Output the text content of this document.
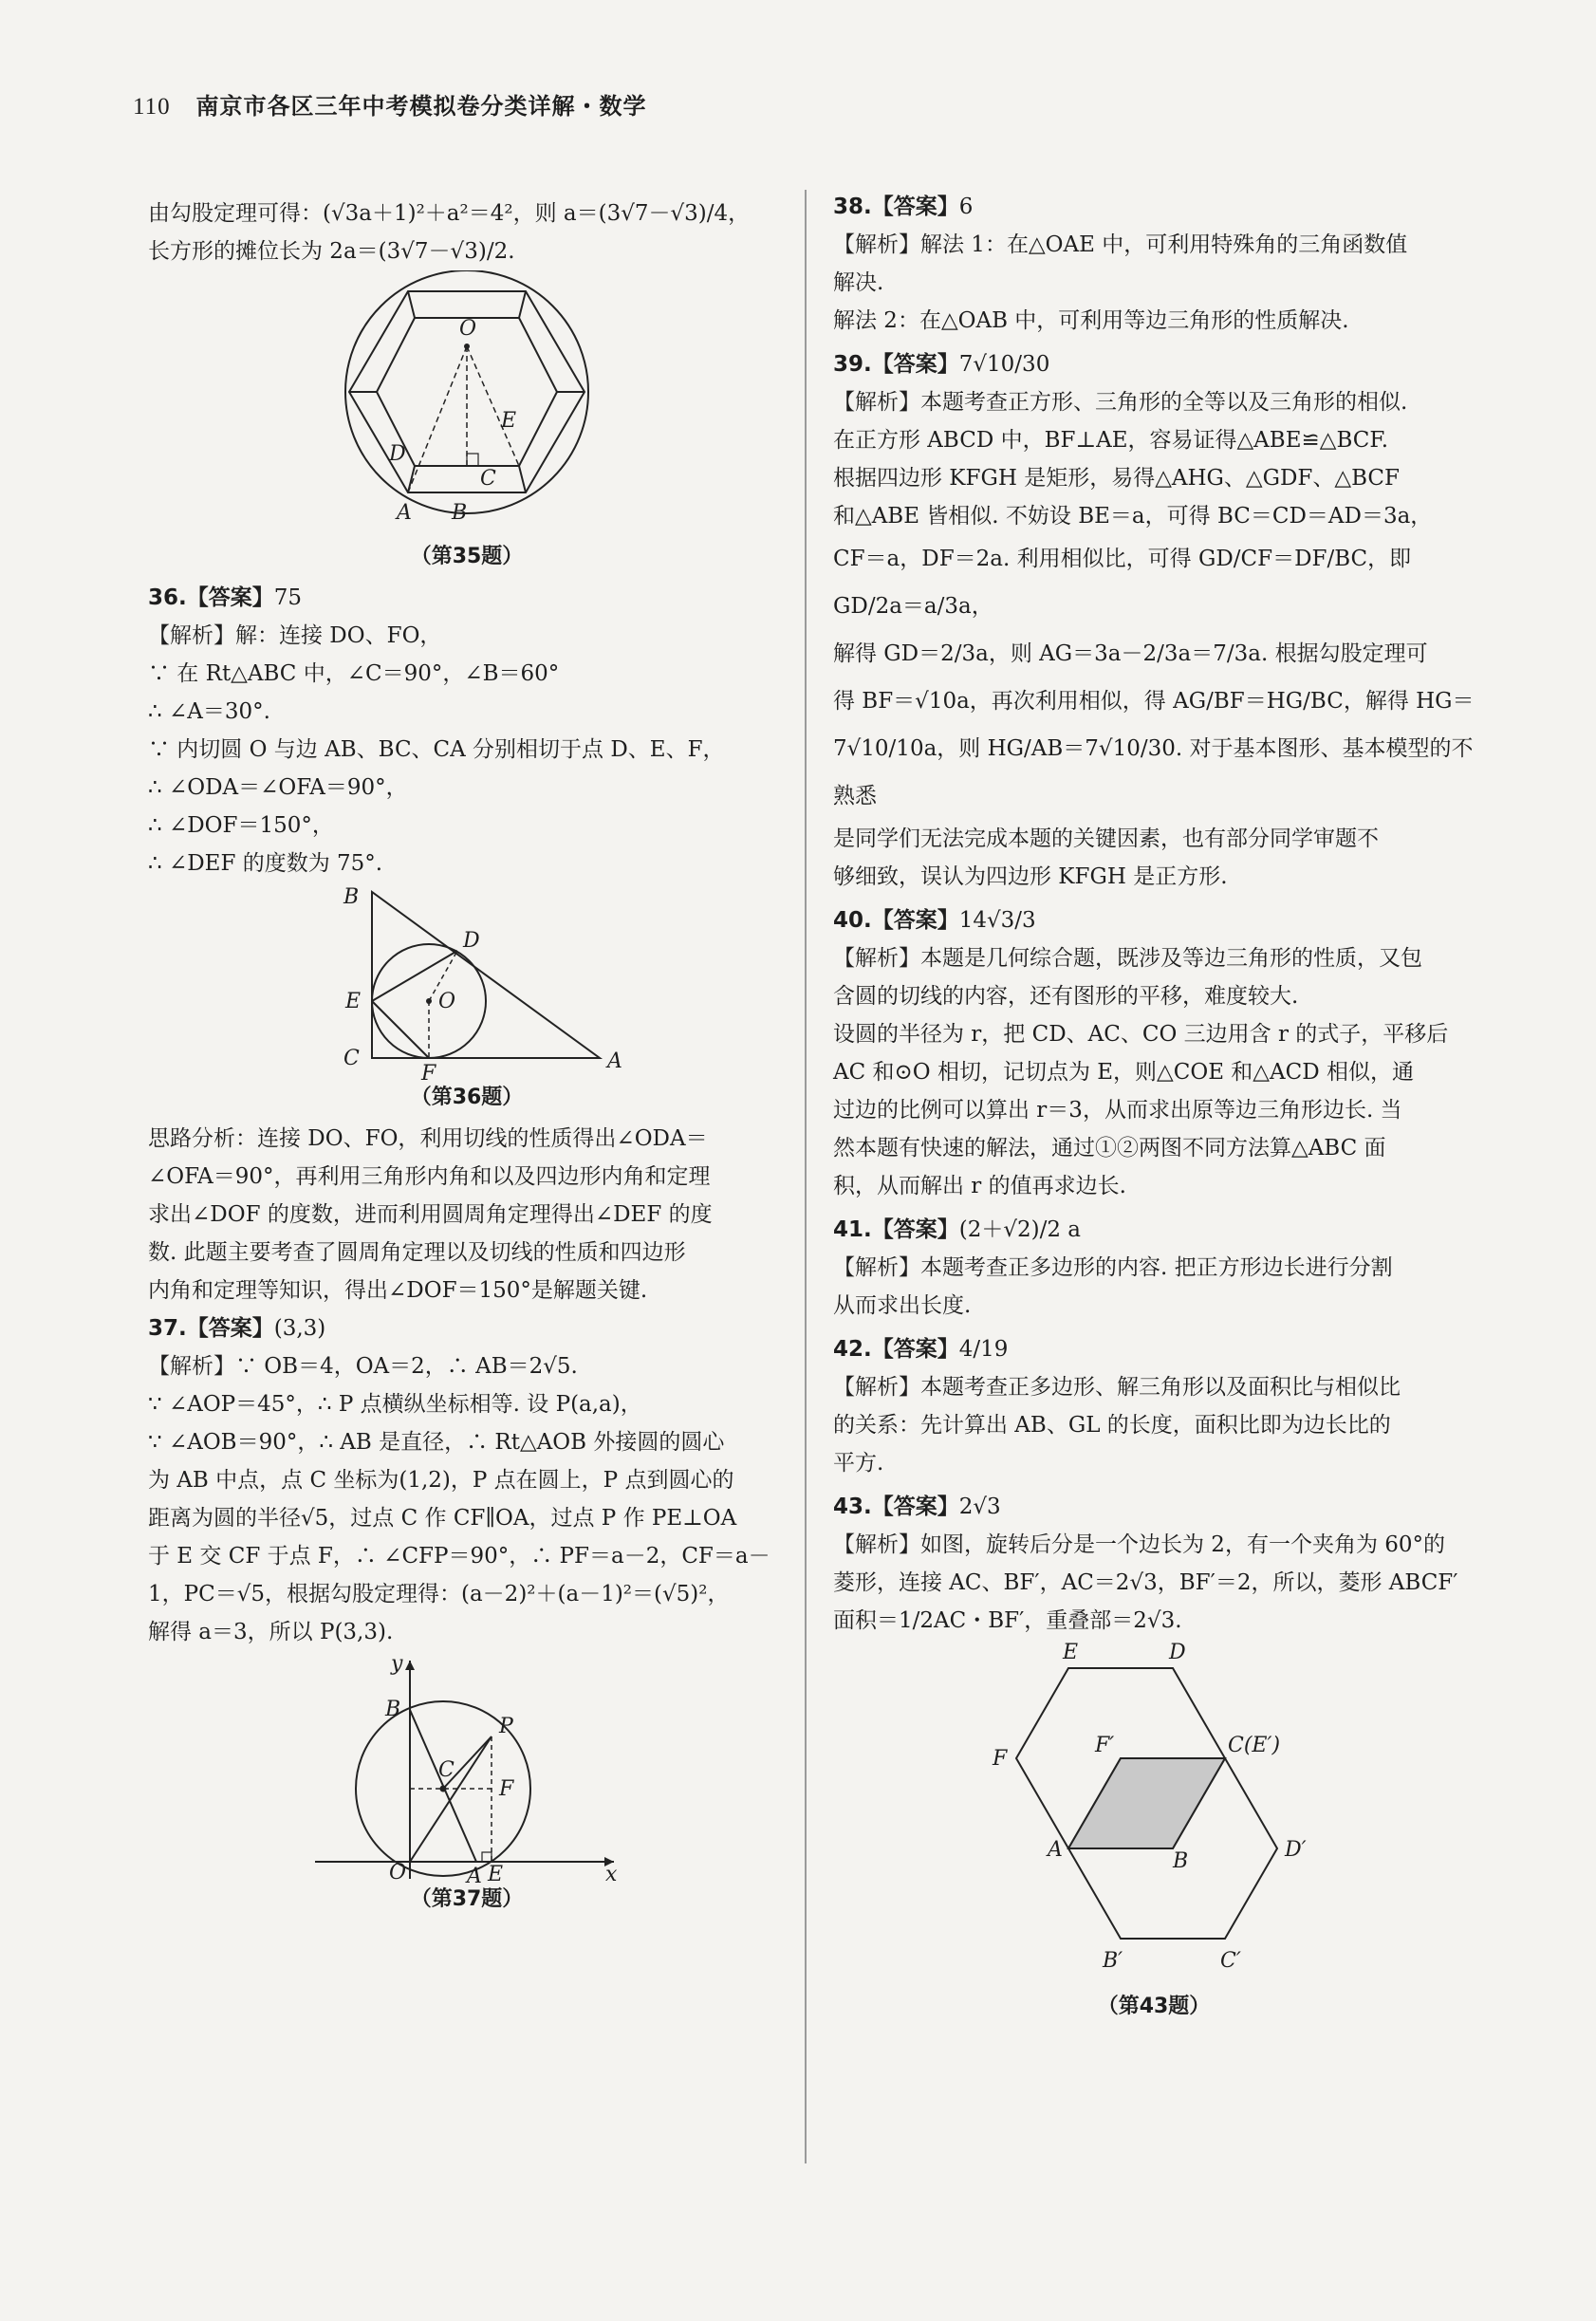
110 南京市各区三年中考模拟卷分类详解・数学

由勾股定理可得：(√3a＋1)²＋a²＝4²，则 a＝(3√7－√3)/4，

长方形的摊位长为 2a＝(3√7－√3)/2.

O
E
D
C
A B
（第35题）

36.【答案】75

【解析】解：连接 DO、FO，

∵ 在 Rt△ABC 中，∠C＝90°，∠B＝60°

∴ ∠A＝30°.

∵ 内切圆 O 与边 AB、BC、CA 分别相切于点 D、E、F，

∴ ∠ODA＝∠OFA＝90°，

∴ ∠DOF＝150°，

∴ ∠DEF 的度数为 75°.

B
D
E	O
C
F
A
（第36题）

思路分析：连接 DO、FO，利用切线的性质得出∠ODA＝

∠OFA＝90°，再利用三角形内角和以及四边形内角和定理

求出∠DOF 的度数，进而利用圆周角定理得出∠DEF 的度

数. 此题主要考查了圆周角定理以及切线的性质和四边形

内角和定理等知识，得出∠DOF＝150°是解题关键.

37.【答案】(3,3)

【解析】∵ OB＝4，OA＝2，∴ AB＝2√5.

∵ ∠AOP＝45°，∴ P 点横纵坐标相等. 设 P(a,a)，

∵ ∠AOB＝90°，∴ AB 是直径，∴ Rt△AOB 外接圆的圆心

为 AB 中点，点 C 坐标为(1,2)，P 点在圆上，P 点到圆心的

距离为圆的半径√5，过点 C 作 CF∥OA，过点 P 作 PE⊥OA

于 E 交 CF 于点 F，∴ ∠CFP＝90°，∴ PF＝a－2，CF＝a－

1，PC＝√5，根据勾股定理得：(a－2)²＋(a－1)²＝(√5)²，

解得 a＝3，所以 P(3,3).

y
B
P
C
F
O	A E	x
（第37题）

38.【答案】6

【解析】解法 1：在△OAE 中，可利用特殊角的三角函数值

解决.

解法 2：在△OAB 中，可利用等边三角形的性质解决.

39.【答案】7√10/30

【解析】本题考查正方形、三角形的全等以及三角形的相似.

在正方形 ABCD 中，BF⊥AE，容易证得△ABE≌△BCF.

根据四边形 KFGH 是矩形，易得△AHG、△GDF、△BCF

和△ABE 皆相似. 不妨设 BE＝a，可得 BC＝CD＝AD＝3a，

CF＝a，DF＝2a. 利用相似比，可得 GD/CF＝DF/BC，即 GD/2a＝a/3a，

解得 GD＝2/3a，则 AG＝3a－2/3a＝7/3a. 根据勾股定理可

得 BF＝√10a，再次利用相似，得 AG/BF＝HG/BC，解得 HG＝

7√10/10a，则 HG/AB＝7√10/30. 对于基本图形、基本模型的不熟悉

是同学们无法完成本题的关键因素，也有部分同学审题不

够细致，误认为四边形 KFGH 是正方形.

40.【答案】14√3/3

【解析】本题是几何综合题，既涉及等边三角形的性质，又包

含圆的切线的内容，还有图形的平移，难度较大.

设圆的半径为 r，把 CD、AC、CO 三边用含 r 的式子，平移后

AC 和⊙O 相切，记切点为 E，则△COE 和△ACD 相似，通

过边的比例可以算出 r＝3，从而求出原等边三角形边长. 当

然本题有快速的解法，通过①②两图不同方法算△ABC 面

积，从而解出 r 的值再求边长.

41.【答案】(2＋√2)/2 a

【解析】本题考查正多边形的内容. 把正方形边长进行分割

从而求出长度.

42.【答案】4/19

【解析】本题考查正多边形、解三角形以及面积比与相似比

的关系：先计算出 AB、GL 的长度，面积比即为边长比的

平方.

43.【答案】2√3

【解析】如图，旋转后分是一个边长为 2，有一个夹角为 60°的

菱形，连接 AC、BF′，AC＝2√3，BF′＝2，所以，菱形 ABCF′

面积＝1/2AC・BF′，重叠部＝2√3.

E	D
F
F′	C(E′)
A	B	D′
B′	C′
（第43题）
